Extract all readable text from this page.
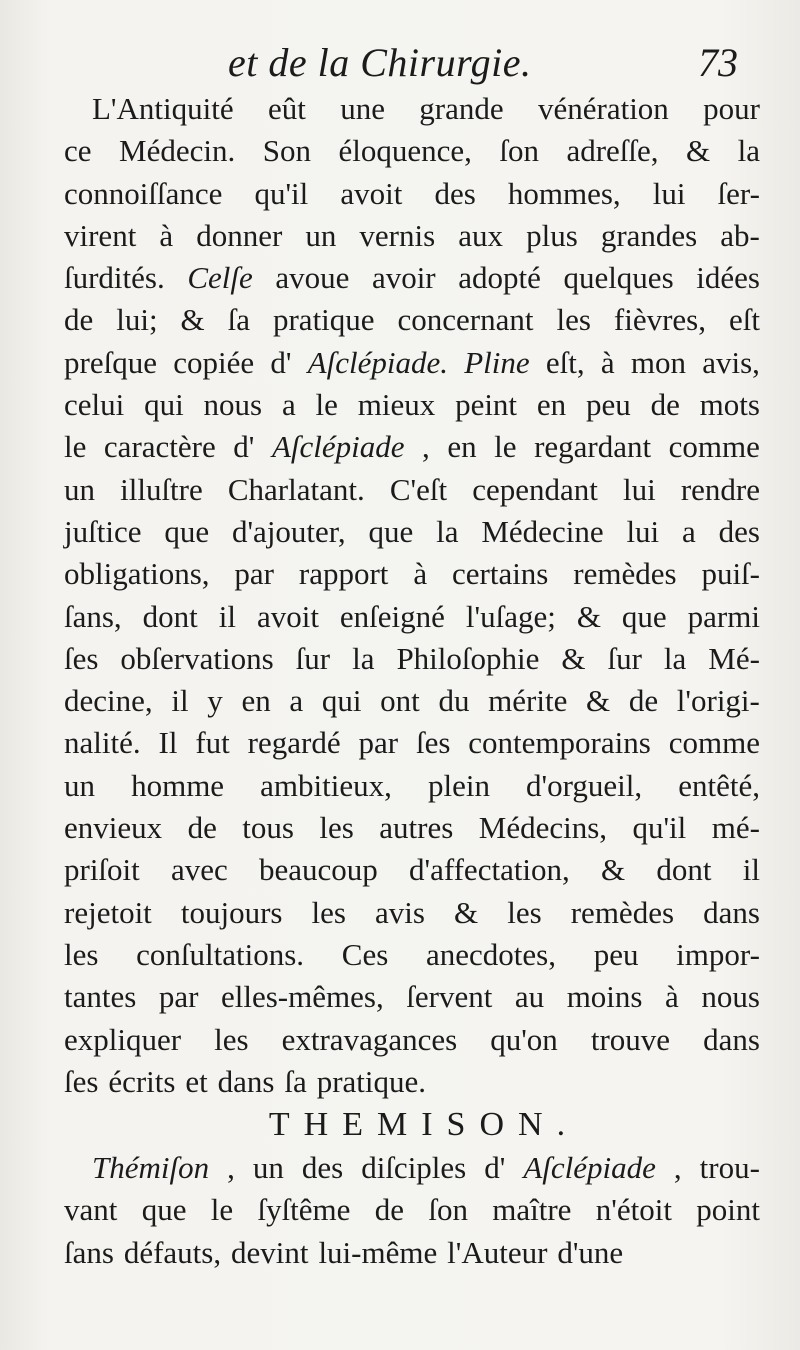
et de la Chirurgie.	73
L'Antiquité eût une grande vénération pour
ce Médecin. Son éloquence, ſon adreſſe, & la
connoiſſance qu'il avoit des hommes, lui ſer-
virent à donner un vernis aux plus grandes ab-
ſurdités. Celſe avoue avoir adopté quelques idées
de lui; & ſa pratique concernant les fièvres, eſt
preſque copiée d' Aſclépiade. Pline eſt, à mon avis,
celui qui nous a le mieux peint en peu de mots
le caractère d' Aſclépiade , en le regardant comme
un illuſtre Charlatant. C'eſt cependant lui rendre
juſtice que d'ajouter, que la Médecine lui a des
obligations, par rapport à certains remèdes puiſ-
ſans, dont il avoit enſeigné l'uſage; & que parmi
ſes obſervations ſur la Philoſophie & ſur la Mé-
decine, il y en a qui ont du mérite & de l'origi-
nalité. Il fut regardé par ſes contemporains comme
un homme ambitieux, plein d'orgueil, entêté,
envieux de tous les autres Médecins, qu'il mé-
priſoit avec beaucoup d'affectation, & dont il
rejetoit toujours les avis & les remèdes dans
les conſultations. Ces anecdotes, peu impor-
tantes par elles-mêmes, ſervent au moins à nous
expliquer les extravagances qu'on trouve dans
ſes écrits et dans ſa pratique.
THEMISON.
Thémiſon , un des diſciples d' Aſclépiade , trou-
vant que le ſyſtême de ſon maître n'étoit point
ſans défauts, devint lui-même l'Auteur d'une
